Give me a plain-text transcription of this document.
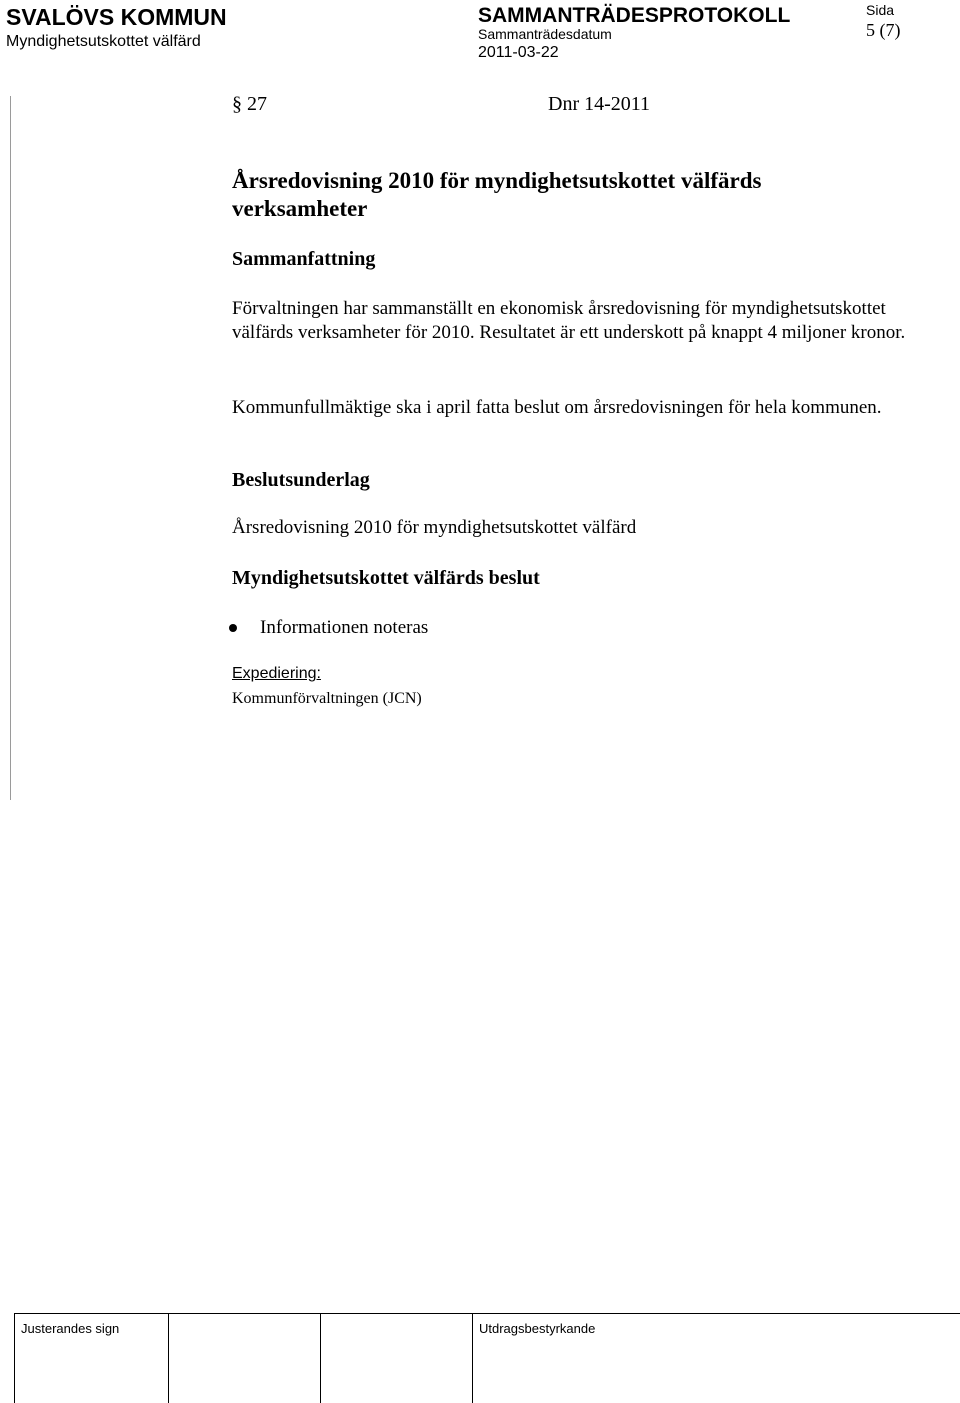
SVALÖVS KOMMUN
Myndighetsutskottet välfärd
SAMMANTRÄDESPROTOKOLL
Sammanträdesdatum
2011-03-22
Sida
5 (7)
§ 27	Dnr 14-2011
Årsredovisning 2010 för myndighetsutskottet välfärds verksamheter
Sammanfattning
Förvaltningen har sammanställt en ekonomisk årsredovisning för myndighetsutskottet välfärds verksamheter för 2010. Resultatet är ett underskott på knappt 4 miljoner kronor.
Kommunfullmäktige ska i april fatta beslut om årsredovisningen för hela kommunen.
Beslutsunderlag
Årsredovisning 2010 för myndighetsutskottet välfärd
Myndighetsutskottet välfärds beslut
Informationen noteras
Expediering:
Kommunförvaltningen (JCN)
Justerandes sign	Utdragsbestyrkande
